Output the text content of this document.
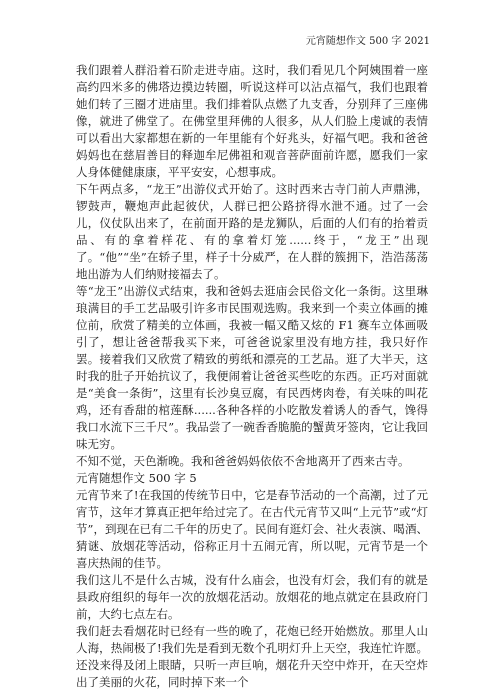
元宵随想作文 500 字 2021

我们跟着人群沿着石阶走进寺庙。这时，我们看见几个阿姨围着一座高约四米多的佛塔边摸边转圈，听说这样可以沾点福气，我们也跟着她们转了三圈才进庙里。我们排着队点燃了九支香，分别拜了三座佛像，就进了佛堂了。在佛堂里拜佛的人很多，从人们脸上虔诚的表情可以看出大家都想在新的一年里能有个好兆头，好福气吧。我和爸爸妈妈也在慈眉善目的释迦牟尼佛祖和观音菩萨面前许愿，愿我们一家人身体健健康康，平平安安，心想事成。

下午两点多，“龙王”出游仪式开始了。这时西来古寺门前人声鼎沸，锣鼓声，鞭炮声此起彼伏，人群已把公路挤得水泄不通。过了一会儿，仪仗队出来了，在前面开路的是龙狮队，后面的人们有的抬着贡品、有的拿着样花、有的拿着灯笼......终于，“龙王”出现了。“他”“坐”在轿子里，样子十分威严，在人群的簇拥下，浩浩荡荡地出游为人们纳财接福去了。

等“龙王”出游仪式结束，我和爸妈去逛庙会民俗文化一条街。这里琳琅满目的手工艺品吸引许多市民围观选购。我来到一个卖立体画的摊位前，欣赏了精美的立体画，我被一幅又酷又炫的 F1 赛车立体画吸引了，想让爸爸帮我买下来，可爸爸说家里没有地方挂，我只好作罢。接着我们又欣赏了精致的剪纸和漂亮的工艺品。逛了大半天，这时我的肚子开始抗议了，我便闹着让爸爸买些吃的东西。正巧对面就是“美食一条街”，这里有长沙臭豆腐，有民西烤肉卷，有关味的叫花鸡，还有香甜的棺莲酥......各种各样的小吃散发着诱人的香气，馋得我口水流下三千尺”。我品尝了一碗香香脆脆的蟹黄牙签肉，它让我回味无穷。

不知不觉，天色渐晚。我和爸爸妈妈依依不舍地离开了西来古寺。

元宵随想作文 500 字 5

元宵节来了!在我国的传统节日中，它是春节活动的一个高潮，过了元宵节，这年才算真正把年给过完了。在古代元宵节又叫“上元节”或“灯节”，到现在已有二千年的历史了。民间有逛灯会、社火表演、喝酒、猜谜、放烟花等活动，俗称正月十五闹元宵，所以呢，元宵节是一个喜庆热闹的佳节。

我们这儿不是什么古城，没有什么庙会，也没有灯会，我们有的就是县政府组织的每年一次的放烟花活动。放烟花的地点就定在县政府门前，大约七点左右。

我们赶去看烟花时已经有一些的晚了，花炮已经开始燃放。那里人山人海，热闹极了!我们先是看到无数个孔明灯升上天空，我连忙许愿。还没来得及闭上眼睛，只听一声巨响，烟花升天空中炸开，在天空炸出了美丽的火花，同时掉下来一个
